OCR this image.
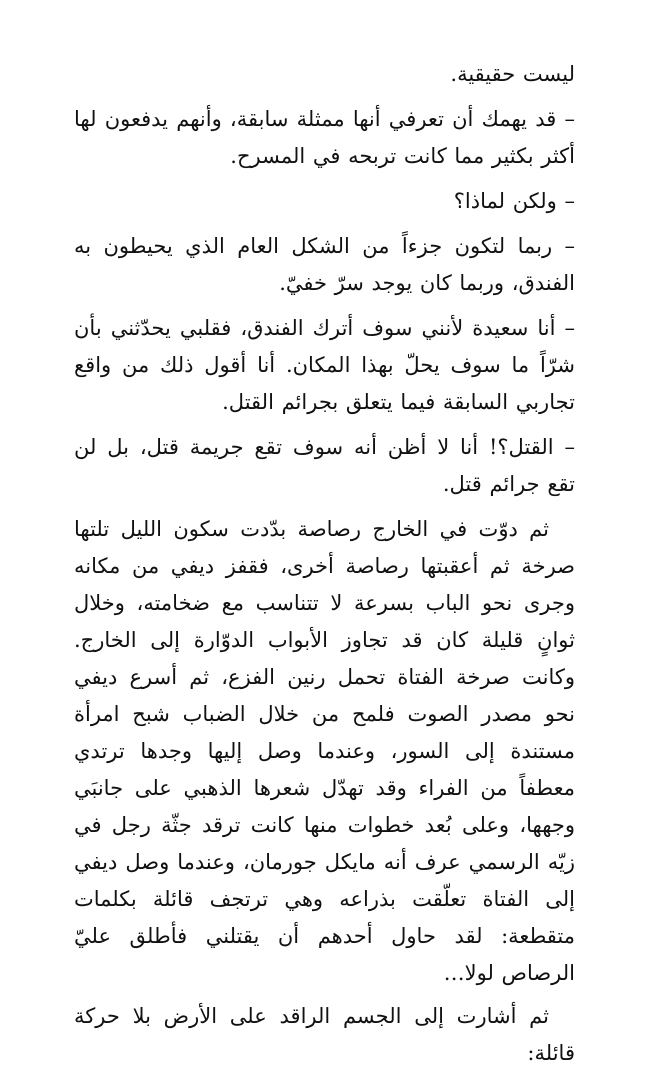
ليست حقيقية.

– قد يهمك أن تعرفي أنها ممثلة سابقة، وأنهم يدفعون لها أكثر بكثير مما كانت تربحه في المسرح.

– ولكن لماذا؟

– ربما لتكون جزءاً من الشكل العام الذي يحيطون به الفندق، وربما كان يوجد سرّ خفيّ.

– أنا سعيدة لأنني سوف أترك الفندق، فقلبي يحدّثني بأن شرّاً ما سوف يحلّ بهذا المكان. أنا أقول ذلك من واقع تجاربي السابقة فيما يتعلق بجرائم القتل.

– القتل؟! أنا لا أظن أنه سوف تقع جريمة قتل، بل لن تقع جرائم قتل.

ثم دوّت في الخارج رصاصة بدّدت سكون الليل تلتها صرخة ثم أعقبتها رصاصة أخرى، فقفز ديفي من مكانه وجرى نحو الباب بسرعة لا تتناسب مع ضخامته، وخلال ثوانٍ قليلة كان قد تجاوز الأبواب الدوّارة إلى الخارج. وكانت صرخة الفتاة تحمل رنين الفزع، ثم أسرع ديفي نحو مصدر الصوت فلمح من خلال الضباب شبح امرأة مستندة إلى السور، وعندما وصل إليها وجدها ترتدي معطفاً من الفراء وقد تهدّل شعرها الذهبي على جانبَي وجهها، وعلى بُعد خطوات منها كانت ترقد جثّة رجل في زيّه الرسمي عرف أنه مايكل جورمان، وعندما وصل ديفي إلى الفتاة تعلّقت بذراعه وهي ترتجف قائلة بكلمات متقطعة: لقد حاول أحدهم أن يقتلني فأطلق عليّ الرصاص لولا…

ثم أشارت إلى الجسم الراقد على الأرض بلا حركة قائلة:
